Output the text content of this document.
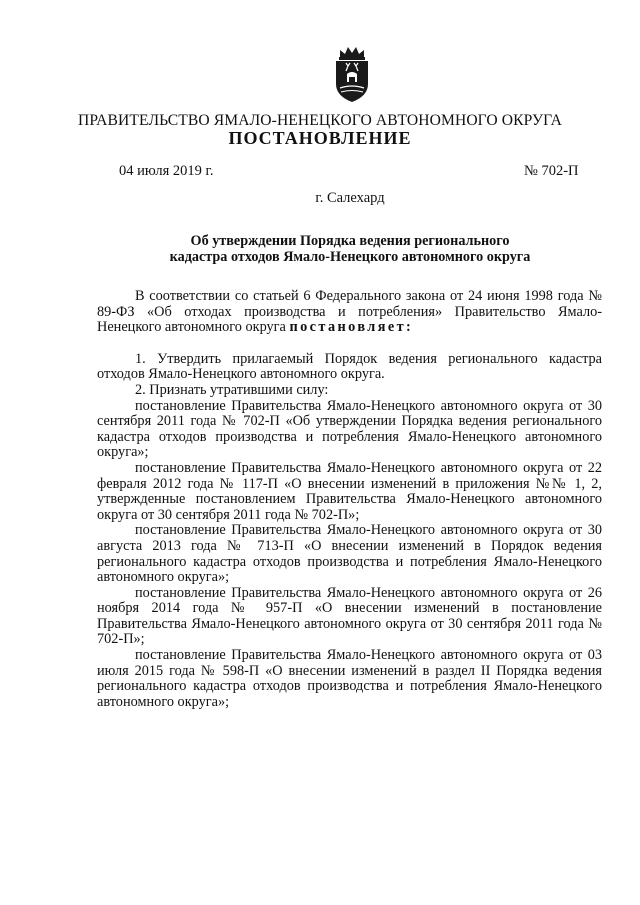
ПРАВИТЕЛЬСТВО ЯМАЛО-НЕНЕЦКОГО АВТОНОМНОГО ОКРУГА
ПОСТАНОВЛЕНИЕ
04 июля 2019 г.	№ 702-П
г. Салехард
Об утверждении Порядка ведения регионального
кадастра отходов Ямало-Ненецкого автономного округа

В соответствии со статьей 6 Федерального закона от 24 июня 1998 года № 89-ФЗ «Об отходах производства и потребления» Правительство Ямало-Ненецкого автономного округа постановляет:

1. Утвердить прилагаемый Порядок ведения регионального кадастра отходов Ямало-Ненецкого автономного округа.

2. Признать утратившими силу:

постановление Правительства Ямало-Ненецкого автономного округа от 30 сентября 2011 года № 702-П «Об утверждении Порядка ведения регионального кадастра отходов производства и потребления Ямало-Ненецкого автономного округа»;

постановление Правительства Ямало-Ненецкого автономного округа от 22 февраля 2012 года № 117-П «О внесении изменений в приложения №№ 1, 2, утвержденные постановлением Правительства Ямало-Ненецкого автономного округа от 30 сентября 2011 года № 702-П»;

постановление Правительства Ямало-Ненецкого автономного округа от 30 августа 2013 года № 713-П «О внесении изменений в Порядок ведения регионального кадастра отходов производства и потребления Ямало-Ненецкого автономного округа»;

постановление Правительства Ямало-Ненецкого автономного округа от 26 ноября 2014 года № 957-П «О внесении изменений в постановление Правительства Ямало-Ненецкого автономного округа от 30 сентября 2011 года № 702-П»;

постановление Правительства Ямало-Ненецкого автономного округа от 03 июля 2015 года № 598-П «О внесении изменений в раздел II Порядка ведения регионального кадастра отходов производства и потребления Ямало-Ненецкого автономного округа»;
